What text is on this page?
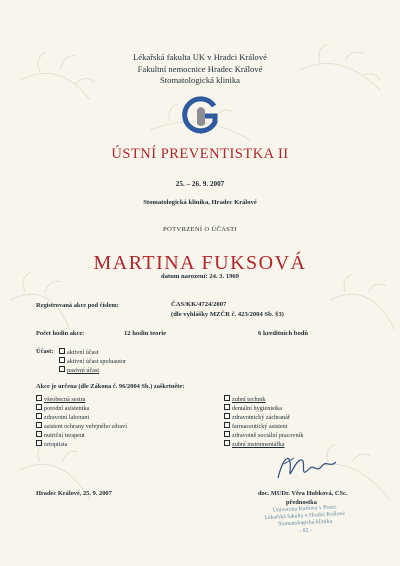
Lékařská fakulta UK v Hradci Králové
Fakultní nemocnice Hradec Králové
Stomatologická klinika
G
ÚSTNÍ PREVENTISTKA II
25. – 26. 9. 2007
Stomatologická klinika, Hradec Králové
POTVRZENÍ O ÚČASTI
MARTINA FUKSOVÁ
datum narození: 24. 3. 1969
Registrovaná akce pod číslem:	ČAS/KK/4724/2007
(dle vyhlášky MZČR č. 423/2004 Sb. §3)
Počet hodin akce:	12 hodin teorie	6 kreditních bodů
Účast:	aktivní účast
aktivní účast spoluautor
pasivní účast
Akce je určena (dle Zákona č. 96/2004 Sb.) zaškrtněte:
všeobecná sestra
porodní asistentka
zdravotní laborant
asistent ochrany veřejného zdraví
nutriční terapeut
ortoptista
zubní technik
dentální hygienistka
zdravotnický záchranář
farmaceutický asistent
zdravotně sociální pracovník
zubní instrumentářka
Hradec Králové, 25. 9. 2007	doc. MUDr. Věra Hubková, CSc.
přednostka
Univerzita Karlova v Praze
Lékařská fakulta v Hradci Králové
Stomatologická klinika
- 82 -
